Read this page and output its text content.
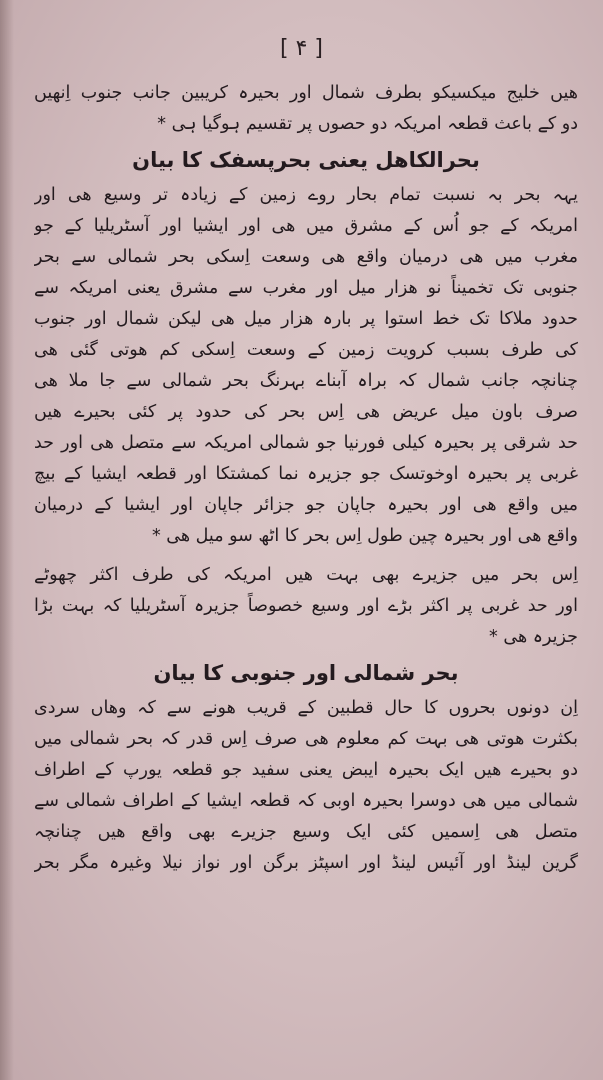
[ ۴ ]
هیں خلیج میکسیکو بطرف شمال اور بحیرہ کریبین جانب جنوب اِنھیں
دو کے باعث قطعہ امریکہ دو حصوں پر تقسیم ہوگیا ہی *
بحرالکاهل یعنی بحرپسفک کا بیان
یہہ بحر بہ نسبت تمام بحار روے زمین کے زیادہ تر وسیع هی اور
امریکہ کے جو اُس کے مشرق میں هی اور ایشیا اور آسٹریلیا کے جو
مغرب میں هی درمیان واقع هی وسعت اِسکی بحر شمالی سے بحر
جنوبی تک تخمیناً نو هزار میل اور مغرب سے مشرق یعنی امریکہ سے
حدود ملاکا تک خط استوا پر بارہ هزار میل هی لیکن شمال اور جنوب
کی طرف بسبب کرویت زمین کے وسعت اِسکی کم هوتی گئی هی
چنانچہ جانب شمال کہ براہ آبناے بہرنگ بحر شمالی سے جا ملا هی
صرف باون میل عریض هی اِس بحر کی حدود پر کئی بحیرے هیں
حد شرقی پر بحیرہ کیلی فورنیا جو شمالی امریکہ سے متصل هی اور حد
غربی پر بحیرہ اوخوتسک جو جزیرہ نما کمشتکا اور قطعہ ایشیا کے بیچ
میں واقع هی اور بحیرہ جاپان جو جزائر جاپان اور ایشیا کے درمیان
واقع هی اور بحیرہ چین طول اِس بحر کا اٹھ سو میل هی *
اِس بحر میں جزیرے بھی بہت هیں امریکہ کی طرف اکثر چھوٹے
اور حد غربی پر اکثر بڑے اور وسیع خصوصاً جزیرہ آسٹریلیا کہ بہت بڑا
جزیرہ هی *
بحر شمالی اور جنوبی کا بیان
اِن دونوں بحروں کا حال قطبین کے قریب هونے سے کہ وهاں سردی
بکثرت هوتی هی بہت کم معلوم هی صرف اِس قدر کہ بحر شمالی میں
دو بحیرے هیں ایک بحیرہ ایبض یعنی سفید جو قطعہ یورپ کے اطراف
شمالی میں هی دوسرا بحیرہ اوبی کہ قطعہ ایشیا کے اطراف شمالی سے
متصل هی اِسمیں کئی ایک وسیع جزیرے بھی واقع هیں چنانچہ
گرین لینڈ اور آئیس لینڈ اور اسپٹز برگن اور نواز نیلا وغیرہ مگر بحر
